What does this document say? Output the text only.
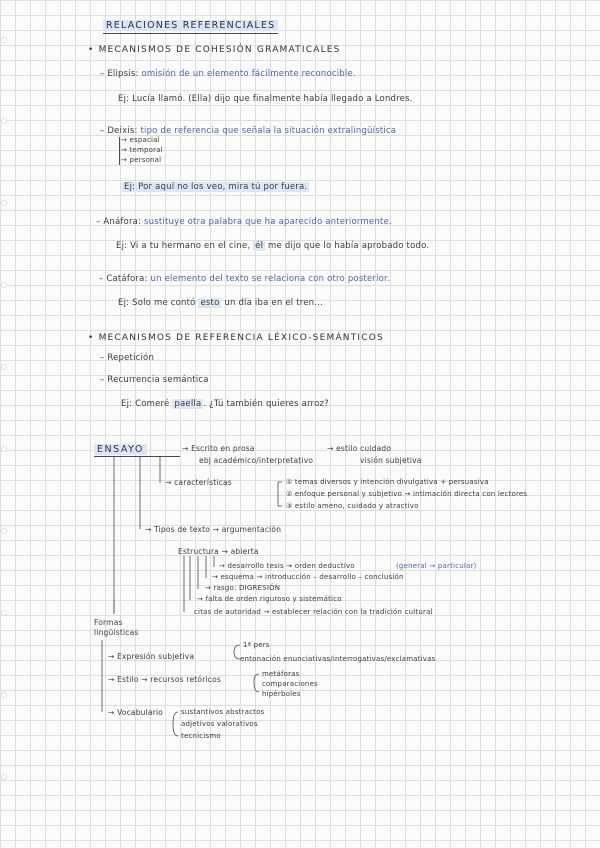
RELACIONES REFERENCIALES
• MECANISMOS DE COHESIÓN GRAMATICALES
– Elipsis: omisión de un elemento fácilmente reconocible.
Ej: Lucía llamó. (Ella) dijo que finalmente había llegado a Londres.
– Deixis: tipo de referencia que señala la situación extralingüística
→ espacial
→ temporal
→ personal
Ej: Por aquí no los veo, mira tú por fuera.
– Anáfora: sustituye otra palabra que ha aparecido anteriormente.
Ej: Vi a tu hermano en el cine, él me dijo que lo había aprobado todo.
– Catáfora: un elemento del texto se relaciona con otro posterior.
Ej: Solo me contó esto un día iba en el tren...
• MECANISMOS DE REFERENCIA LÉXICO-SEMÁNTICOS
– Repetición
– Recurrencia semántica
Ej: Comeré paella . ¿Tú también quieres arroz?
ENSAYO	→ Escrito en prosa
ebj académico/interpretativo
→ estilo cuidado
visión subjetiva
→ características	① temas diversos y intención divulgativa + persuasiva
② enfoque personal y subjetivo → intimación directa con lectores
③ estilo ameno, cuidado y atractivo
→ Tipos de texto → argumentación
Estructura → abierta
→ desarrollo tesis → orden deductivo	(general → particular)
→ esquema → introducción – desarrollo – conclusión
→ rasgo: DIGRESIÓN
→ falta de orden riguroso y sistemático
citas de autoridad → establecer relación con la tradición cultural
Formas
lingüísticas
→ Expresión subjetiva
1ª pers
entonación enunciativas/interrogativas/exclamativas
→ Estilo → recursos retóricos
metáforas
comparaciones
hipérboles
→ Vocabulario	sustantivos abstractos
adjetivos valorativos
tecnicismo
